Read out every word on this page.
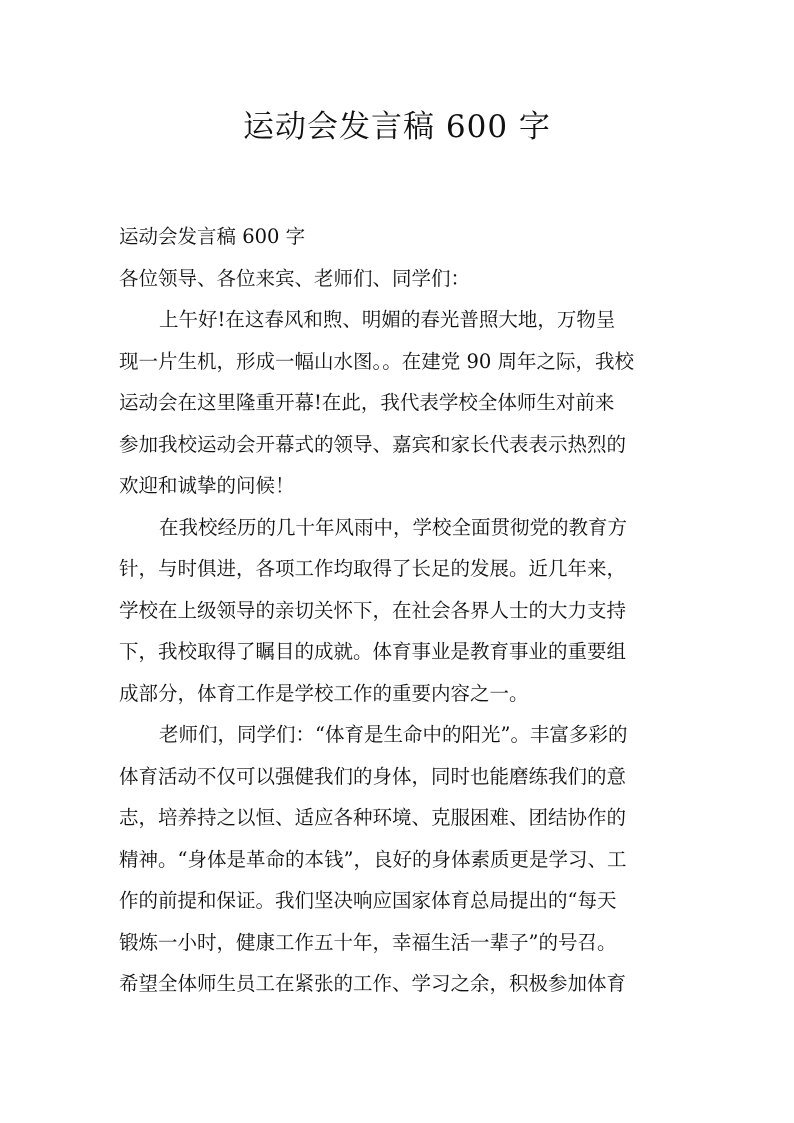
运动会发言稿 600 字
运动会发言稿 600 字
各位领导、各位来宾、老师们、同学们：

上午好!在这春风和煦、明媚的春光普照大地，万物呈
现一片生机，形成一幅山水图。。在建党 90 周年之际，我校
运动会在这里隆重开幕!在此，我代表学校全体师生对前来
参加我校运动会开幕式的领导、嘉宾和家长代表表示热烈的
欢迎和诚挚的问候！

在我校经历的几十年风雨中，学校全面贯彻党的教育方
针，与时俱进，各项工作均取得了长足的发展。近几年来，
学校在上级领导的亲切关怀下，在社会各界人士的大力支持
下，我校取得了瞩目的成就。体育事业是教育事业的重要组
成部分，体育工作是学校工作的重要内容之一。

老师们，同学们：“体育是生命中的阳光”。丰富多彩的
体育活动不仅可以强健我们的身体，同时也能磨练我们的意
志，培养持之以恒、适应各种环境、克服困难、团结协作的
精神。“身体是革命的本钱”，良好的身体素质更是学习、工
作的前提和保证。我们坚决响应国家体育总局提出的“每天
锻炼一小时，健康工作五十年，幸福生活一辈子”的号召。
希望全体师生员工在紧张的工作、学习之余，积极参加体育
